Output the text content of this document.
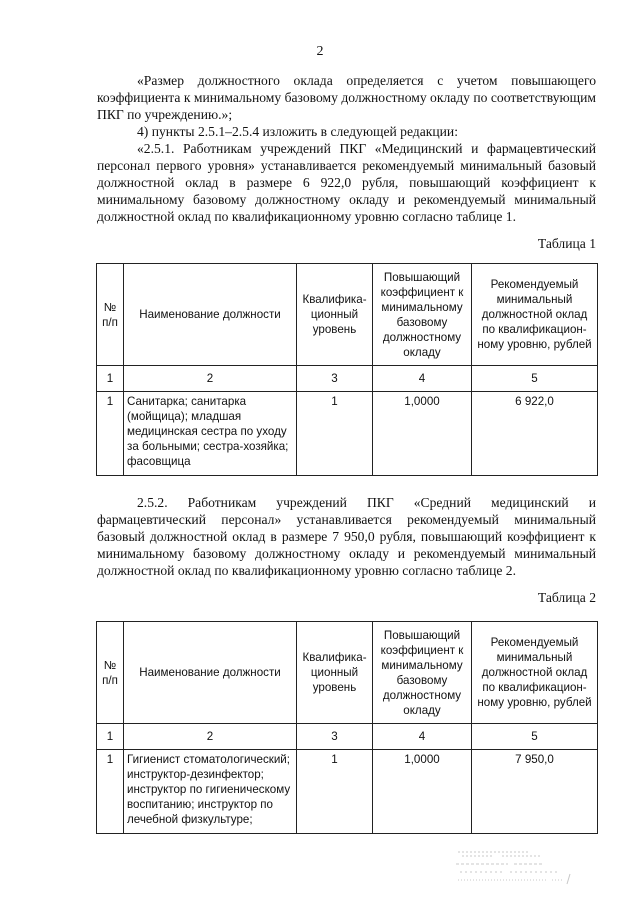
2

«Размер должностного оклада определяется с учетом повышающего коэффициента к минимальному базовому должностному окладу по соответствующим ПКГ по учреждению.»;

4) пункты 2.5.1–2.5.4 изложить в следующей редакции:

«2.5.1. Работникам учреждений ПКГ «Медицинский и фармацевтический персонал первого уровня» устанавливается рекомендуемый минимальный базовый должностной оклад в размере 6 922,0 рубля, повышающий коэффициент к минимальному базовому должностному окладу и рекомендуемый минимальный должностной оклад по квалификационному уровню согласно таблице 1.

Таблица 1
№ п/п	Наименование должности	Квалифика-ционный уровень	Повышающий коэффициент к минимальному базовому должностному окладу	Рекомендуемый минимальный должностной оклад по квалификацион-ному уровню, рублей
1	2	3	4	5
1	Санитарка; санитарка (мойщица); младшая медицинская сестра по уходу за больными; сестра-хозяйка; фасовщица	1	1,0000	6 922,0

2.5.2. Работникам учреждений ПКГ «Средний медицинский и фармацевтический персонал» устанавливается рекомендуемый минимальный базовый должностной оклад в размере 7 950,0 рубля, повышающий коэффициент к минимальному базовому должностному окладу и рекомендуемый минимальный должностной оклад по квалификационному уровню согласно таблице 2.

Таблица 2
№ п/п	Наименование должности	Квалифика-ционный уровень	Повышающий коэффициент к минимальному базовому должностному окладу	Рекомендуемый минимальный должностной оклад по квалификацион-ному уровню, рублей
1	2	3	4	5
1	Гигиенист стоматологический; инструктор-дезинфектор; инструктор по гигиеническому воспитанию; инструктор по лечебной физкультуре;	1	1,0000	7 950,0
